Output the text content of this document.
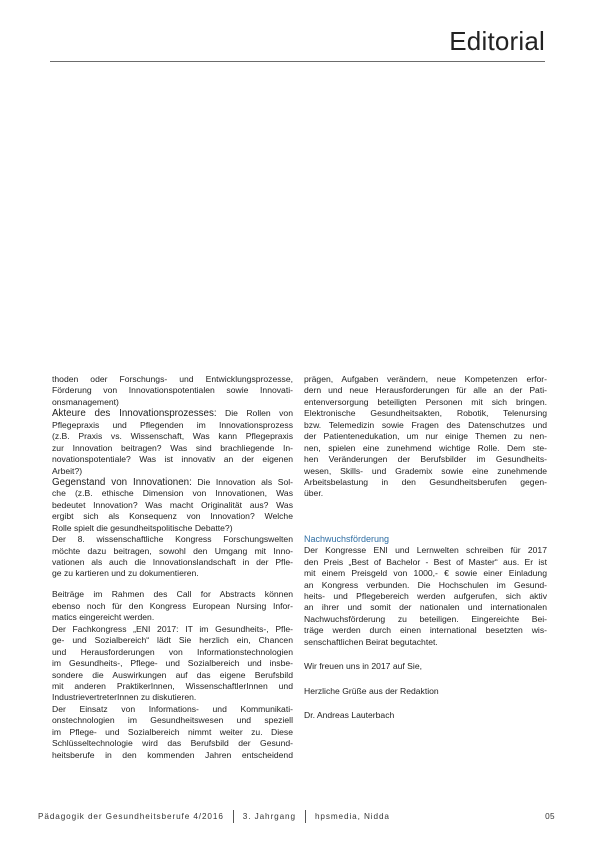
Editorial
thoden oder Forschungs- und Entwicklungsprozesse,
Förderung von Innovationspotentialen sowie Innovati-
onsmanagement)
Akteure des Innovationsprozesses: Die Rollen von
Pflegepraxis und Pflegenden im Innovationsprozess
(z.B. Praxis vs. Wissenschaft, Was kann Pflegepraxis
zur Innovation beitragen? Was sind brachliegende In-
novationspotentiale? Was ist innovativ an der eigenen
Arbeit?)
Gegenstand von Innovationen: Die Innovation als Sol-
che (z.B. ethische Dimension von Innovationen, Was
bedeutet Innovation? Was macht Originalität aus? Was
ergibt sich als Konsequenz von Innovation? Welche
Rolle spielt die gesundheitspolitische Debatte?)
Der 8. wissenschaftliche Kongress Forschungswelten
möchte dazu beitragen, sowohl den Umgang mit Inno-
vationen als auch die Innovationslandschaft in der Pfle-
ge zu kartieren und zu dokumentieren.
Beiträge im Rahmen des Call for Abstracts können
ebenso noch für den Kongress European Nursing Infor-
matics eingereicht werden.
Der Fachkongress „ENI 2017: IT im Gesundheits-, Pfle-
ge- und Sozialbereich“ lädt Sie herzlich ein, Chancen
und Herausforderungen von Informationstechnologien
im Gesundheits-, Pflege- und Sozialbereich und insbe-
sondere die Auswirkungen auf das eigene Berufsbild
mit anderen PraktikerInnen, WissenschaftlerInnen und
IndustrievertreterInnen zu diskutieren.
Der Einsatz von Informations- und Kommunikati-
onstechnologien im Gesundheitswesen und speziell
im Pflege- und Sozialbereich nimmt weiter zu. Diese
Schlüsseltechnologie wird das Berufsbild der Gesund-
heitsberufe in den kommenden Jahren entscheidend
prägen, Aufgaben verändern, neue Kompetenzen erfor-
dern und neue Herausforderungen für alle an der Pati-
entenversorgung beteiligten Personen mit sich bringen.
Elektronische Gesundheitsakten, Robotik, Telenursing
bzw. Telemedizin sowie Fragen des Datenschutzes und
der Patientenedukation, um nur einige Themen zu nen-
nen, spielen eine zunehmend wichtige Rolle. Dem ste-
hen Veränderungen der Berufsbilder im Gesundheits-
wesen, Skills- und Grademix sowie eine zunehmende
Arbeitsbelastung in den Gesundheitsberufen gegen-
über.
Nachwuchsförderung
Der Kongresse ENI und Lernwelten schreiben für 2017
den Preis „Best of Bachelor - Best of Master“ aus. Er ist
mit einem Preisgeld von 1000,- € sowie einer Einladung
an Kongress verbunden. Die Hochschulen im Gesund-
heits- und Pflegebereich werden aufgerufen, sich aktiv
an ihrer und somit der nationalen und internationalen
Nachwuchsförderung zu beteiligen. Eingereichte Bei-
träge werden durch einen international besetzten wis-
senschaftlichen Beirat begutachtet.
Wir freuen uns in 2017 auf Sie,
Herzliche Grüße aus der Redaktion
Dr. Andreas Lauterbach
Pädagogik der Gesundheitsberufe 4/2016 3. Jahrgang hpsmedia, Nidda	05
